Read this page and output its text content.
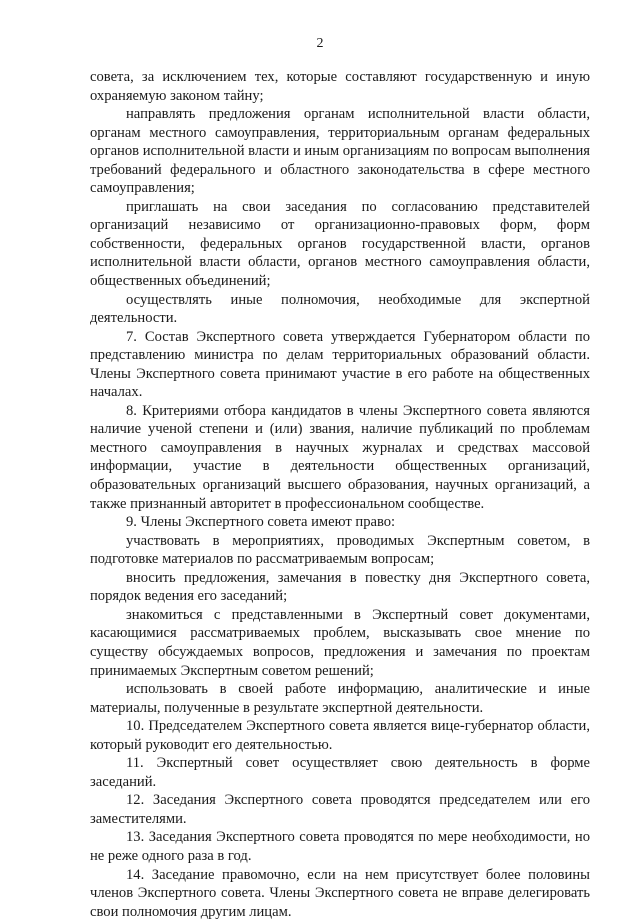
2

совета, за исключением тех, которые составляют государственную и иную охраняемую законом тайну;

направлять предложения органам исполнительной власти области, органам местного самоуправления, территориальным органам федеральных органов исполнительной власти и иным организациям по вопросам выполнения требований федерального и областного законодательства в сфере местного самоуправления;

приглашать на свои заседания по согласованию представителей организаций независимо от организационно-правовых форм, форм собственности, федеральных органов государственной власти, органов исполнительной власти области, органов местного самоуправления области, общественных объединений;

осуществлять иные полномочия, необходимые для экспертной деятельности.

7. Состав Экспертного совета утверждается Губернатором области по представлению министра по делам территориальных образований области. Члены Экспертного совета принимают участие в его работе на общественных началах.

8. Критериями отбора кандидатов в члены Экспертного совета являются наличие ученой степени и (или) звания, наличие публикаций по проблемам местного самоуправления в научных журналах и средствах массовой информации, участие в деятельности общественных организаций, образовательных организаций высшего образования, научных организаций, а также признанный авторитет в профессиональном сообществе.

9. Члены Экспертного совета имеют право:

участвовать в мероприятиях, проводимых Экспертным советом, в подготовке материалов по рассматриваемым вопросам;

вносить предложения, замечания в повестку дня Экспертного совета, порядок ведения его заседаний;

знакомиться с представленными в Экспертный совет документами, касающимися рассматриваемых проблем, высказывать свое мнение по существу обсуждаемых вопросов, предложения и замечания по проектам принимаемых Экспертным советом решений;

использовать в своей работе информацию, аналитические и иные материалы, полученные в результате экспертной деятельности.

10. Председателем Экспертного совета является вице-губернатор области, который руководит его деятельностью.

11. Экспертный совет осуществляет свою деятельность в форме заседаний.

12. Заседания Экспертного совета проводятся председателем или его заместителями.

13. Заседания Экспертного совета проводятся по мере необходимости, но не реже одного раза в год.

14. Заседание правомочно, если на нем присутствует более половины членов Экспертного совета. Члены Экспертного совета не вправе делегировать свои полномочия другим лицам.
